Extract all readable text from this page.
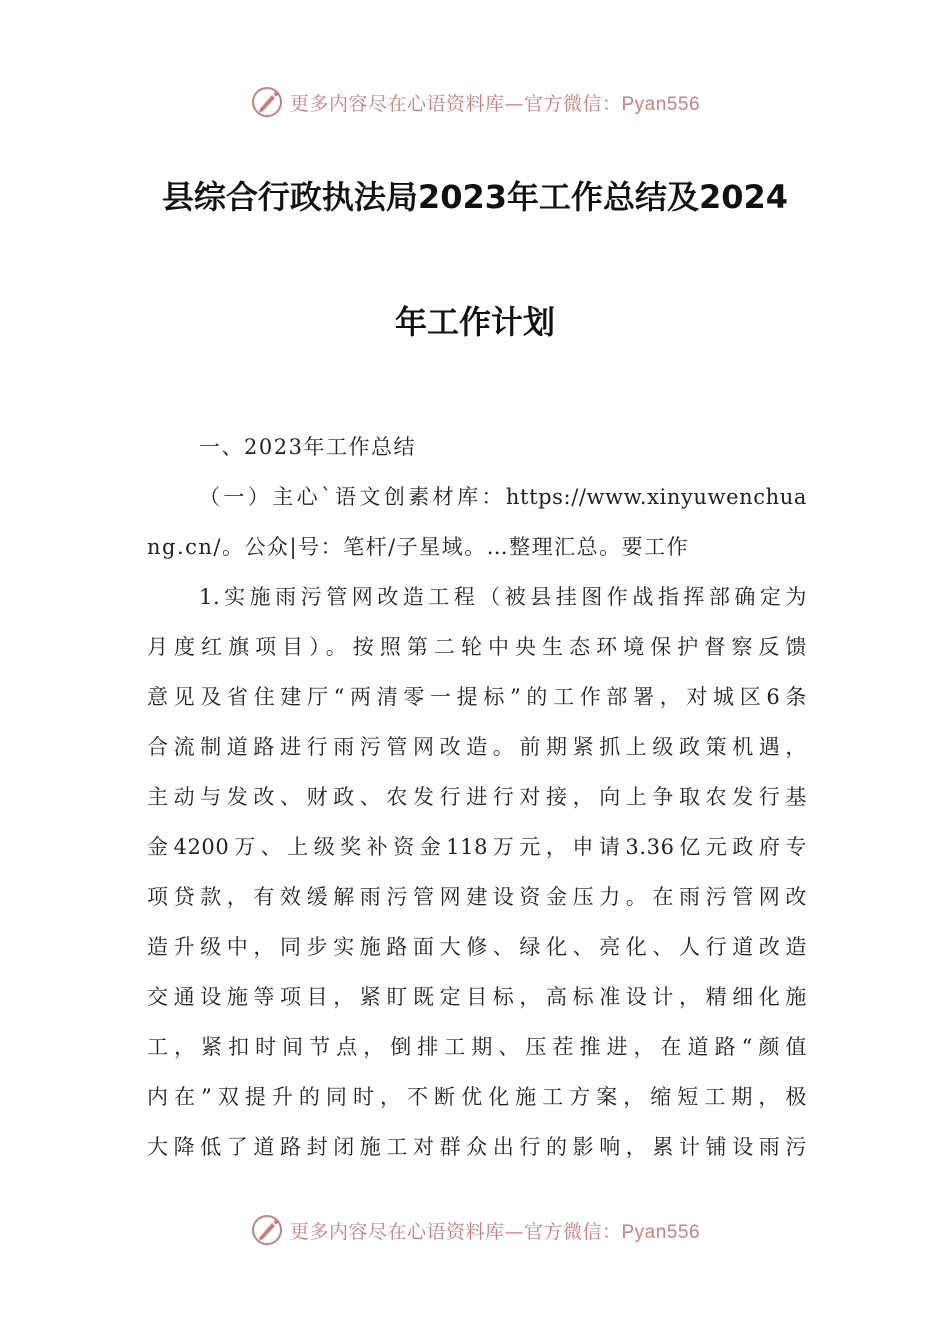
更多内容尽在心语资料库—官方微信：Pyan556
县综合行政执法局2023年工作总结及2024
年工作计划
一、2023年工作总结
（一）主心`语文创素材库：https://www.xinyuwenchua
ng.cn/。公众|号：笔杆/子星域。…整理汇总。要工作
1.实施雨污管网改造工程（被县挂图作战指挥部确定为
月度红旗项目）。按照第二轮中央生态环境保护督察反馈
意见及省住建厅“两清零一提标”的工作部署，对城区6条
合流制道路进行雨污管网改造。前期紧抓上级政策机遇，
主动与发改、财政、农发行进行对接，向上争取农发行基
金4200万、上级奖补资金118万元，申请3.36亿元政府专
项贷款，有效缓解雨污管网建设资金压力。在雨污管网改
造升级中，同步实施路面大修、绿化、亮化、人行道改造
交通设施等项目，紧盯既定目标，高标准设计，精细化施
工，紧扣时间节点，倒排工期、压茬推进，在道路“颜值
内在”双提升的同时，不断优化施工方案，缩短工期，极
大降低了道路封闭施工对群众出行的影响，累计铺设雨污
更多内容尽在心语资料库—官方微信：Pyan556
